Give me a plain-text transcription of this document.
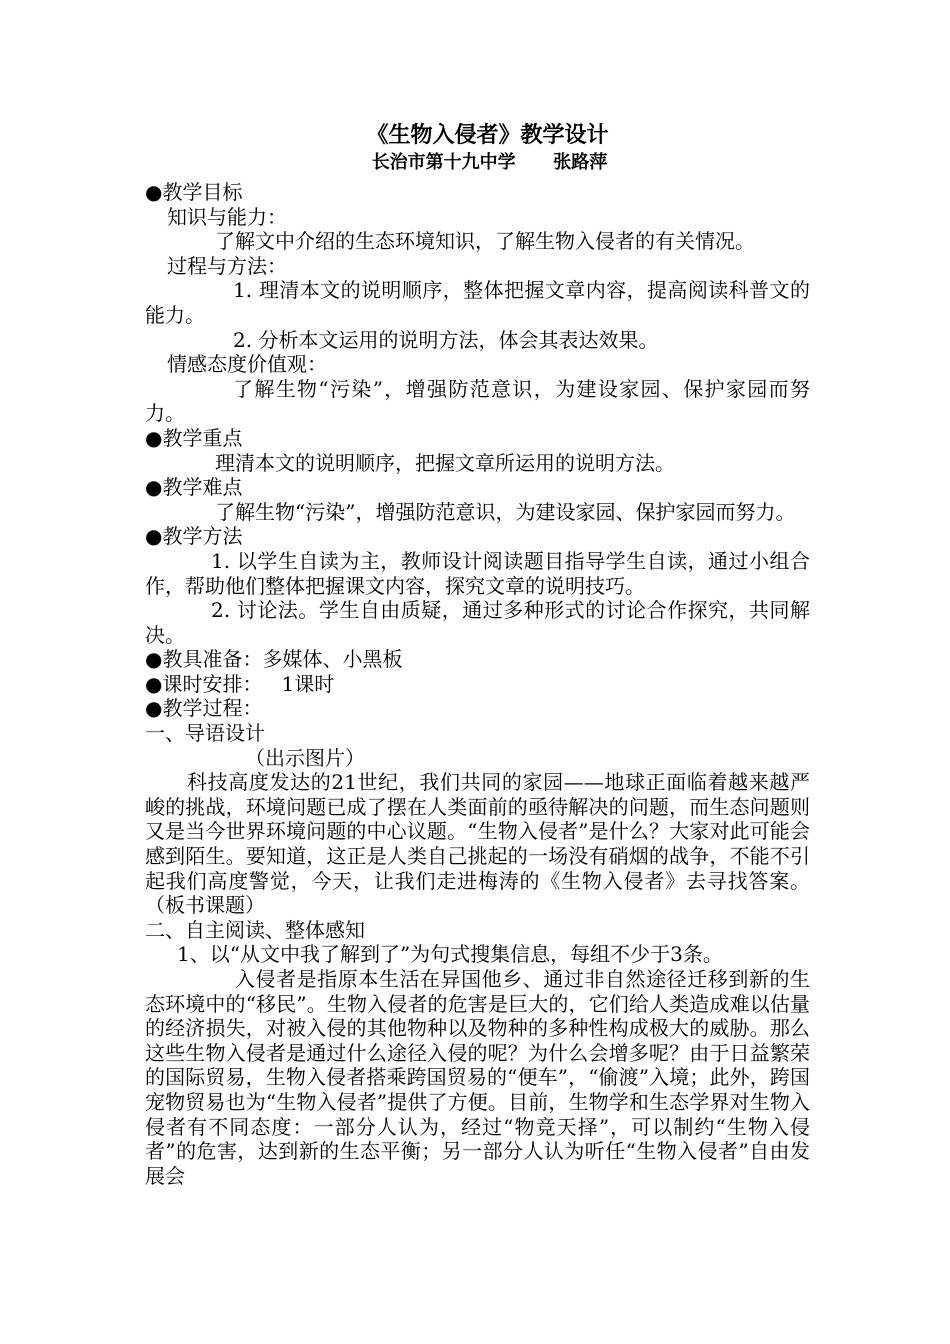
《生物入侵者》教学设计

长治市第十九中学      张路萍

●教学目标

知识与能力：

了解文中介绍的生态环境知识，了解生物入侵者的有关情况。

过程与方法：

1. 理清本文的说明顺序，整体把握文章内容，提高阅读科普文的能力。

2. 分析本文运用的说明方法，体会其表达效果。

情感态度价值观：

了解生物“污染”，增强防范意识，为建设家园、保护家园而努力。

●教学重点

理清本文的说明顺序，把握文章所运用的说明方法。

●教学难点

了解生物“污染”，增强防范意识，为建设家园、保护家园而努力。

●教学方法

1. 以学生自读为主，教师设计阅读题目指导学生自读，通过小组合作，帮助他们整体把握课文内容，探究文章的说明技巧。

2. 讨论法。学生自由质疑，通过多种形式的讨论合作探究，共同解决。

●教具准备：多媒体、小黑板

●课时安排：   1课时

●教学过程：

一、导语设计

（出示图片）

科技高度发达的21世纪，我们共同的家园——地球正面临着越来越严峻的挑战，环境问题已成了摆在人类面前的亟待解决的问题，而生态问题则又是当今世界环境问题的中心议题。“生物入侵者”是什么？大家对此可能会感到陌生。要知道，这正是人类自己挑起的一场没有硝烟的战争，不能不引起我们高度警觉，今天，让我们走进梅涛的《生物入侵者》去寻找答案。（板书课题）

二、自主阅读、整体感知

1、以“从文中我了解到了”为句式搜集信息，每组不少于3条。

入侵者是指原本生活在异国他乡、通过非自然途径迁移到新的生态环境中的“移民”。生物入侵者的危害是巨大的，它们给人类造成难以估量的经济损失，对被入侵的其他物种以及物种的多种性构成极大的威胁。那么这些生物入侵者是通过什么途径入侵的呢？为什么会增多呢？由于日益繁荣的国际贸易，生物入侵者搭乘跨国贸易的“便车”，“偷渡”入境；此外，跨国宠物贸易也为“生物入侵者”提供了方便。目前，生物学和生态学界对生物入侵者有不同态度：一部分人认为，经过“物竞天择”，可以制约“生物入侵者”的危害，达到新的生态平衡；另一部分人认为听任“生物入侵者”自由发展会
